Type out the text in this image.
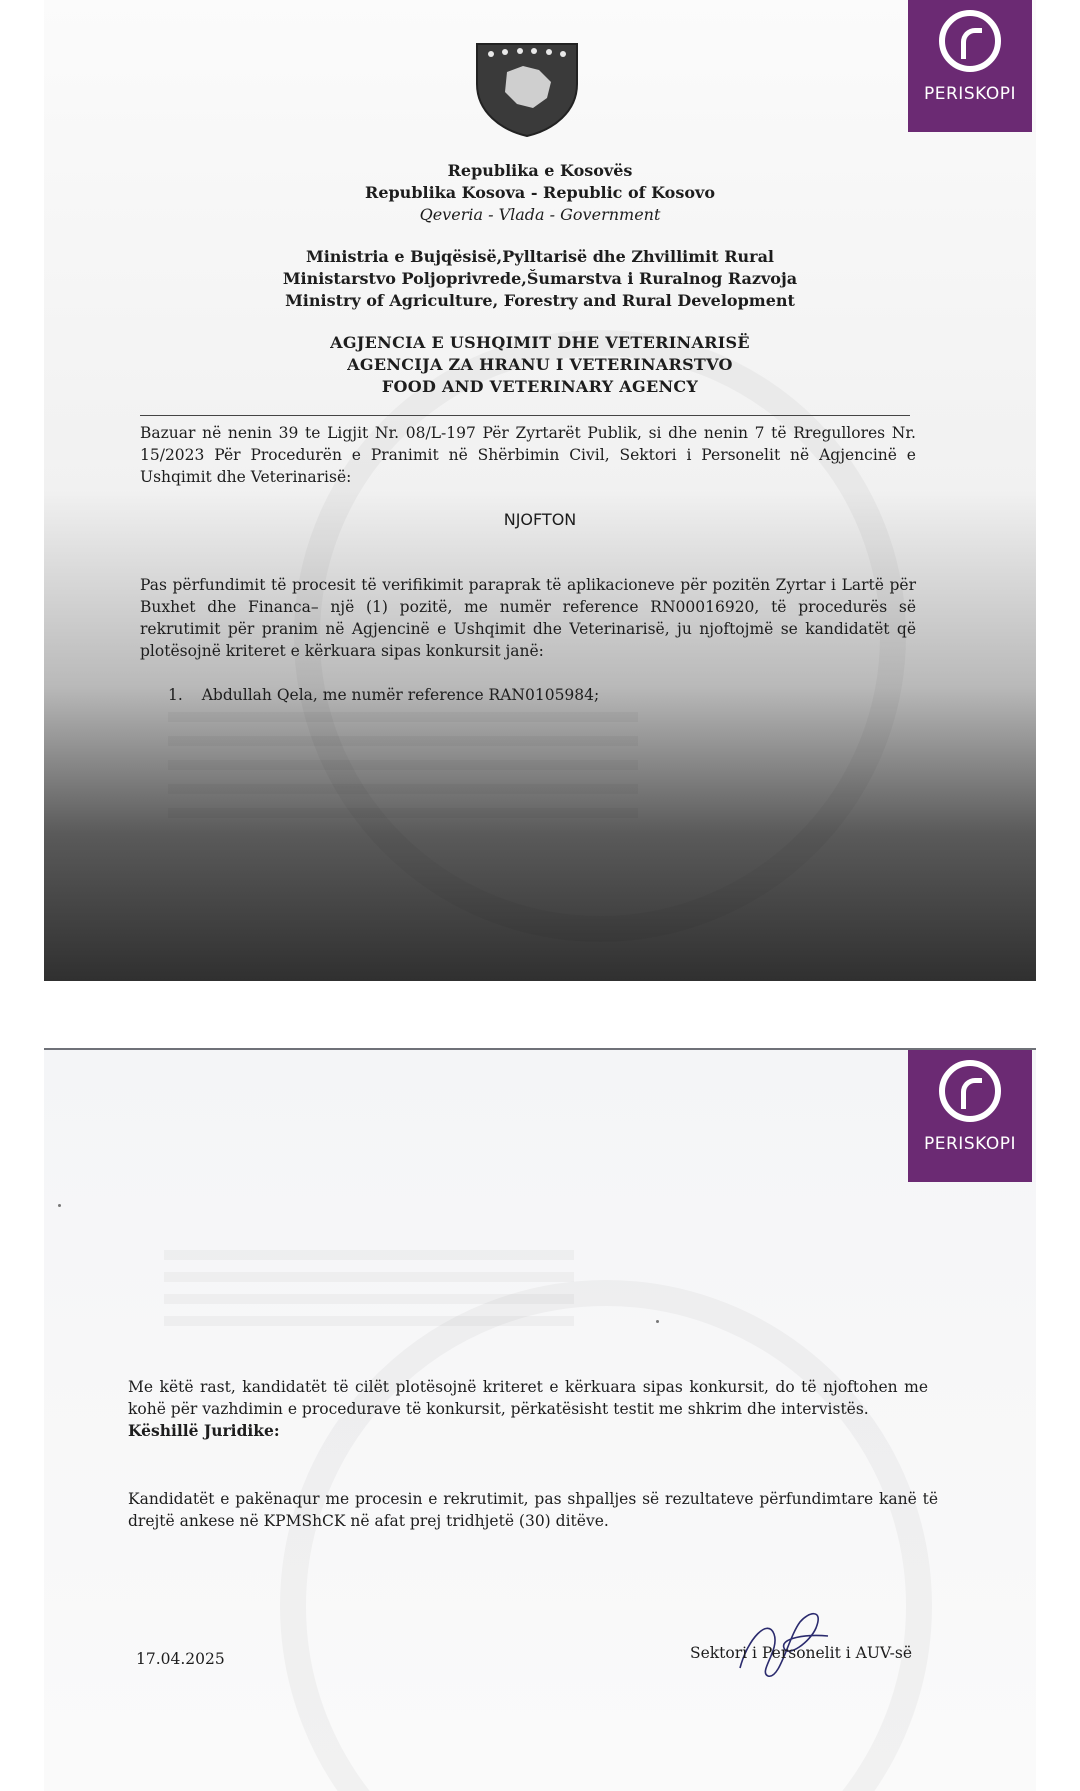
Republika e Kosovës
Republika Kosova - Republic of Kosovo
Qeveria - Vlada - Government
Ministria e Bujqësisë,Pylltarisë dhe Zhvillimit Rural
Ministarstvo Poljoprivrede,Šumarstva i Ruralnog Razvoja
Ministry of Agriculture, Forestry and Rural Development
AGJENCIA E USHQIMIT DHE VETERINARISË
AGENCIJA ZA HRANU I VETERINARSTVO
FOOD AND VETERINARY AGENCY
Bazuar në nenin 39 te Ligjit Nr. 08/L-197 Për Zyrtarët Publik, si dhe nenin 7 të Rregullores Nr. 15/2023 Për Procedurën e Pranimit në Shërbimin Civil, Sektori i Personelit në Agjencinë e Ushqimit dhe Veterinarisë:
NJOFTON
Pas përfundimit të procesit të verifikimit paraprak të aplikacioneve për pozitën Zyrtar i Lartë për Buxhet dhe Financa– një (1) pozitë, me numër reference RN00016920, të procedurës së rekrutimit për pranim në Agjencinë e Ushqimit dhe Veterinarisë, ju njoftojmë se kandidatët që plotësojnë kriteret e kërkuara sipas konkursit janë:
1. Abdullah Qela, me numër reference RAN0105984;
PERISKOPI
Me këtë rast, kandidatët të cilët plotësojnë kriteret e kërkuara sipas konkursit, do të njoftohen me kohë për vazhdimin e procedurave të konkursit, përkatësisht testit me shkrim dhe intervistës.
Këshillë Juridike:
Kandidatët e pakënaqur me procesin e rekrutimit, pas shpalljes së rezultateve përfundimtare kanë të drejtë ankese në KPMShCK në afat prej tridhjetë (30) ditëve.
17.04.2025	Sektori i Personelit i AUV-së
PERISKOPI
